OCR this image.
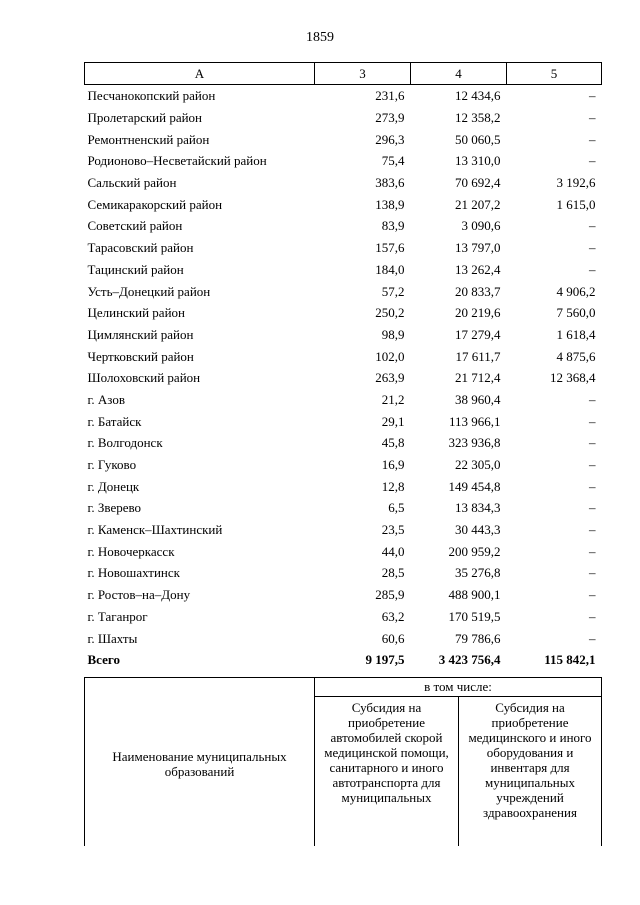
1859
А	3	4	5
Песчанокопский район	231,6	12 434,6	–
Пролетарский район	273,9	12 358,2	–
Ремонтненский район	296,3	50 060,5	–
Родионово–Несветайский район	75,4	13 310,0	–
Сальский район	383,6	70 692,4	3 192,6
Семикаракорский район	138,9	21 207,2	1 615,0
Советский район	83,9	3 090,6	–
Тарасовский район	157,6	13 797,0	–
Тацинский район	184,0	13 262,4	–
Усть–Донецкий район	57,2	20 833,7	4 906,2
Целинский район	250,2	20 219,6	7 560,0
Цимлянский район	98,9	17 279,4	1 618,4
Чертковский район	102,0	17 611,7	4 875,6
Шолоховский район	263,9	21 712,4	12 368,4
г. Азов	21,2	38 960,4	–
г. Батайск	29,1	113 966,1	–
г. Волгодонск	45,8	323 936,8	–
г. Гуково	16,9	22 305,0	–
г. Донецк	12,8	149 454,8	–
г. Зверево	6,5	13 834,3	–
г. Каменск–Шахтинский	23,5	30 443,3	–
г. Новочеркасск	44,0	200 959,2	–
г. Новошахтинск	28,5	35 276,8	–
г. Ростов–на–Дону	285,9	488 900,1	–
г. Таганрог	63,2	170 519,5	–
г. Шахты	60,6	79 786,6	–
Всего	9 197,5	3 423 756,4	115 842,1
Наименование муниципальных образований	в том числе:	
	Субсидия на приобретение автомобилей скорой медицинской помощи, санитарного и иного автотранспорта для муниципальных	Субсидия на приобретение медицинского и иного оборудования и инвентаря для муниципальных учреждений здравоохранения
